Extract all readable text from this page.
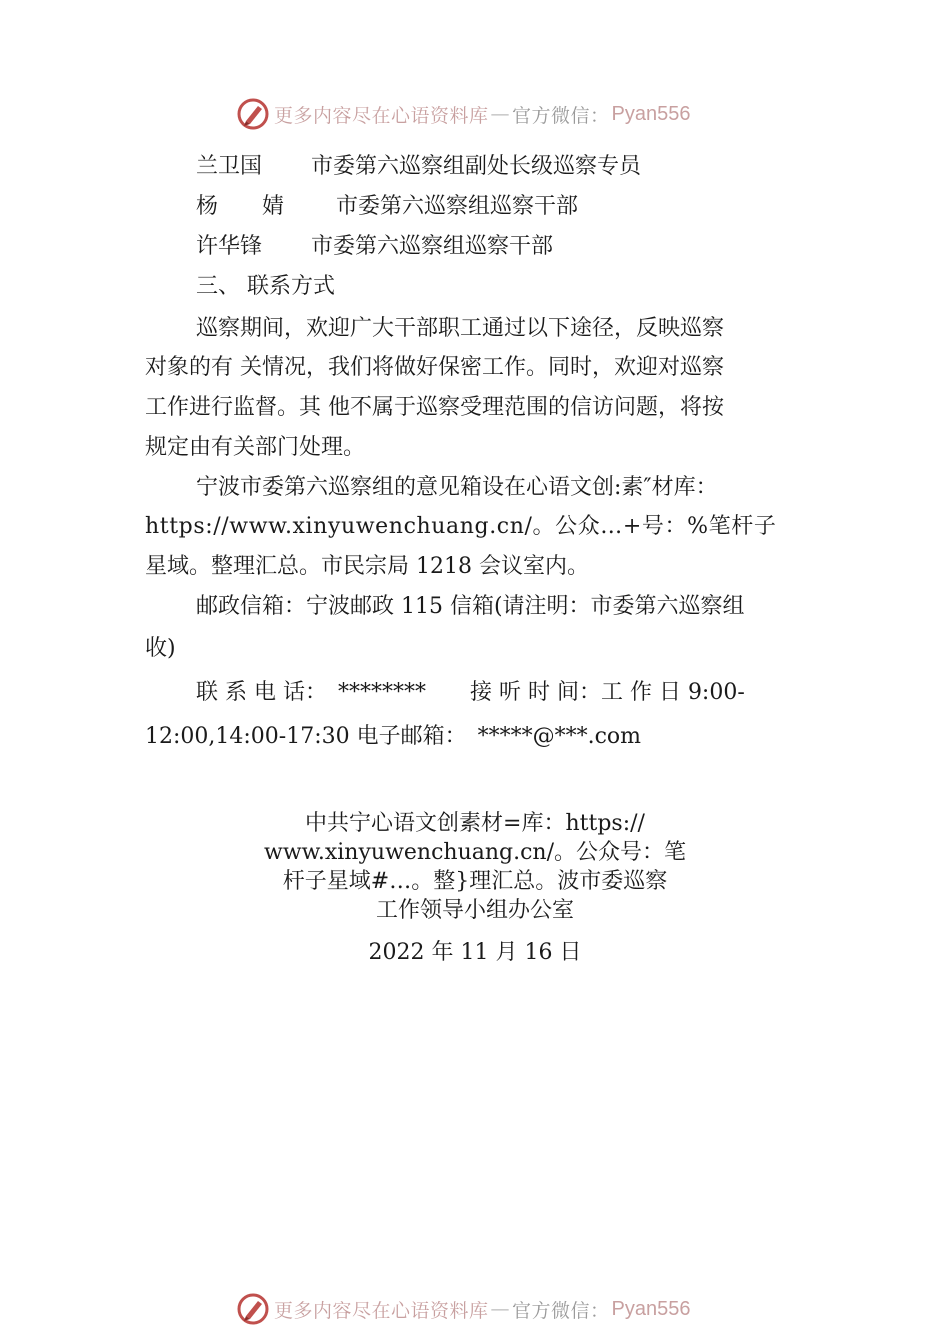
更多内容尽在心语资料库 — 官方微信： Pyan556
兰卫国 市委第六巡察组副处长级巡察专员
杨　　婧 市委第六巡察组巡察干部
许华锋 市委第六巡察组巡察干部
三、 联系方式
巡察期间，欢迎广大干部职工通过以下途径，反映巡察
对象的有 关情况，我们将做好保密工作。同时，欢迎对巡察
工作进行监督。其 他不属于巡察受理范围的信访问题，将按
规定由有关部门处理。
宁波市委第六巡察组的意见箱设在心语文创:素″材库：
https://www.xinyuwenchuang.cn/。公众…+号：%笔杆子
星域。整理汇总。市民宗局 1218 会议室内。
邮政信箱：宁波邮政 115 信箱(请注明：市委第六巡察组
收)
联 系 电 话：　********　　接 听 时 间：工 作 日 9:00-
12:00,14:00-17:30 电子邮箱：　*****@***.com
中共宁心语文创素材=库：https://
www.xinyuwenchuang.cn/。公众号：笔
杆子星域#…。整}理汇总。波市委巡察
工作领导小组办公室
2022 年 11 月 16 日
更多内容尽在心语资料库 — 官方微信： Pyan556
